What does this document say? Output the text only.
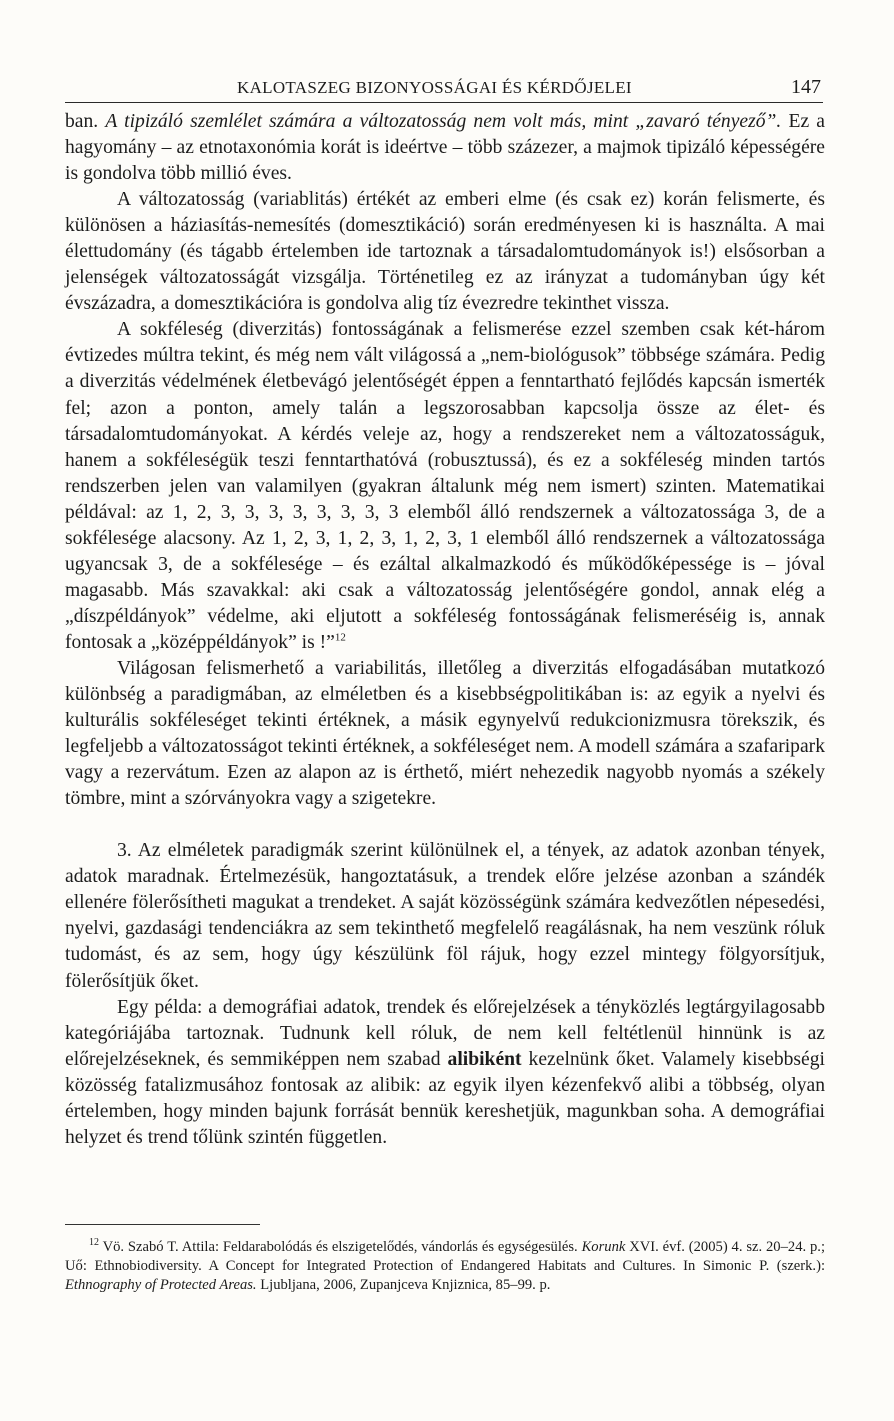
KALOTASZEG BIZONYOSSÁGAI ÉS KÉRDŐJELEI	147

ban. A tipizáló szemlélet számára a változatosság nem volt más, mint „zavaró tényező”. Ez a hagyomány – az etnotaxonómia korát is ideértve – több százezer, a majmok tipizáló képességére is gondolva több millió éves.

A változatosság (variablitás) értékét az emberi elme (és csak ez) korán felismerte, és különösen a háziasítás-nemesítés (domesztikáció) során eredményesen ki is használta. A mai élettudomány (és tágabb értelemben ide tartoznak a társadalomtudományok is!) elsősorban a jelenségek változatosságát vizsgálja. Történetileg ez az irányzat a tudományban úgy két évszázadra, a domesztikációra is gondolva alig tíz évezredre tekinthet vissza.

A sokféleség (diverzitás) fontosságának a felismerése ezzel szemben csak két-három évtizedes múltra tekint, és még nem vált világossá a „nem-biológusok” többsége számára. Pedig a diverzitás védelmének életbevágó jelentőségét éppen a fenntartható fejlődés kapcsán ismerték fel; azon a ponton, amely talán a legszorosabban kapcsolja össze az élet- és társadalomtudományokat. A kérdés veleje az, hogy a rendszereket nem a változatosságuk, hanem a sokféleségük teszi fenntarthatóvá (robusztussá), és ez a sokféleség minden tartós rendszerben jelen van valamilyen (gyakran általunk még nem ismert) szinten. Matematikai példával: az 1, 2, 3, 3, 3, 3, 3, 3, 3, 3 elemből álló rendszernek a változatossága 3, de a sokfélesége alacsony. Az 1, 2, 3, 1, 2, 3, 1, 2, 3, 1 elemből álló rendszernek a változatossága ugyancsak 3, de a sokfélesége – és ezáltal alkalmazkodó és működőképessége is – jóval magasabb. Más szavakkal: aki csak a változatosság jelentőségére gondol, annak elég a „díszpéldányok” védelme, aki eljutott a sokféleség fontosságának felismeréséig is, annak fontosak a „középpéldányok” is !”$^{12}$

Világosan felismerhető a variabilitás, illetőleg a diverzitás elfogadásában mutatkozó különbség a paradigmában, az elméletben és a kisebbségpolitikában is: az egyik a nyelvi és kulturális sokféleséget tekinti értéknek, a másik egynyelvű redukcionizmusra törekszik, és legfeljebb a változatosságot tekinti értéknek, a sokféleséget nem. A modell számára a szafaripark vagy a rezervátum. Ezen az alapon az is érthető, miért nehezedik nagyobb nyomás a székely tömbre, mint a szórványokra vagy a szigetekre.

3. Az elméletek paradigmák szerint különülnek el, a tények, az adatok azonban tények, adatok maradnak. Értelmezésük, hangoztatásuk, a trendek előre jelzése azonban a szándék ellenére fölerősítheti magukat a trendeket. A saját közösségünk számára kedvezőtlen népesedési, nyelvi, gazdasági tendenciákra az sem tekinthető megfelelő reagálásnak, ha nem veszünk róluk tudomást, és az sem, hogy úgy készülünk föl rájuk, hogy ezzel mintegy fölgyorsítjuk, fölerősítjük őket.

Egy példa: a demográfiai adatok, trendek és előrejelzések a tényközlés legtárgyilagosabb kategóriájába tartoznak. Tudnunk kell róluk, de nem kell feltétlenül hinnünk is az előrejelzéseknek, és semmiképpen nem szabad alibiként kezelnünk őket. Valamely kisebbségi közösség fatalizmusához fontosak az alibik: az egyik ilyen kézenfekvő alibi a többség, olyan értelemben, hogy minden bajunk forrását bennük kereshetjük, magunkban soha. A demográfiai helyzet és trend tőlünk szintén független.

$^{12}$ Vö. Szabó T. Attila: Feldarabolódás és elszigetelődés, vándorlás és egységesülés. Korunk XVI. évf. (2005) 4. sz. 20–24. p.; Uő: Ethnobiodiversity. A Concept for Integrated Protection of Endangered Habitats and Cultures. In Simonic P. (szerk.): Ethnography of Protected Areas. Ljubljana, 2006, Zupanjceva Knjiznica, 85–99. p.
